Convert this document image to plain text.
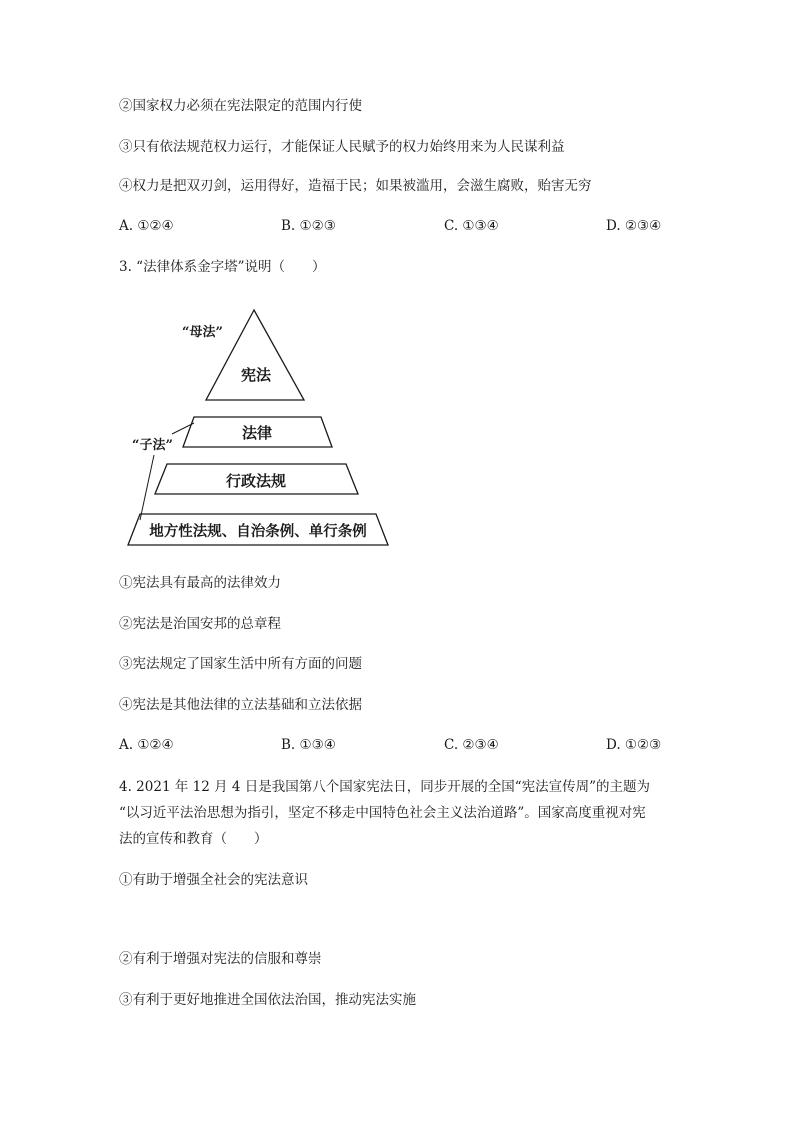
②国家权力必须在宪法限定的范围内行使
③只有依法规范权力运行，才能保证人民赋予的权力始终用来为人民谋利益
④权力是把双刃剑，运用得好，造福于民；如果被滥用，会滋生腐败，贻害无穷
A. ①②④	B. ①②③	C. ①③④	D. ②③④
3. “法律体系金字塔”说明（　　）
宪法
“母法”
法律
行政法规
地方性法规、自治条例、单行条例
“子法”
①宪法具有最高的法律效力
②宪法是治国安邦的总章程
③宪法规定了国家生活中所有方面的问题
④宪法是其他法律的立法基础和立法依据
A. ①②④	B. ①③④	C. ②③④	D. ①②③
4. 2021 年 12 月 4 日是我国第八个国家宪法日，同步开展的全国“宪法宣传周”的主题为
“以习近平法治思想为指引，坚定不移走中国特色社会主义法治道路”。国家高度重视对宪
法的宣传和教育（　　）
①有助于增强全社会的宪法意识
②有利于增强对宪法的信服和尊崇
③有利于更好地推进全国依法治国，推动宪法实施
